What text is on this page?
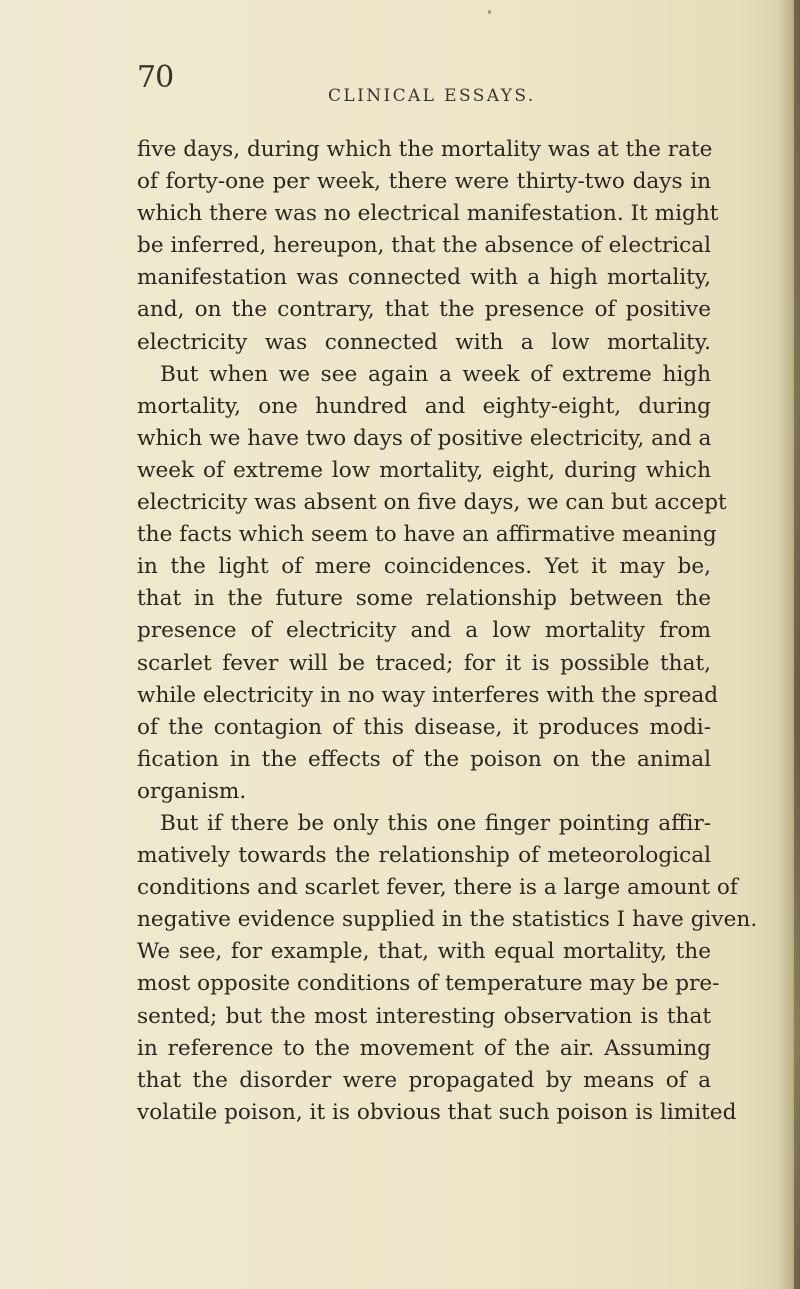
70
CLINICAL ESSAYS.
five days, during which the mortality was at the rate
of forty-one per week, there were thirty-two days in
which there was no electrical manifestation. It might
be inferred, hereupon, that the absence of electrical
manifestation was connected with a high mortality,
and, on the contrary, that the presence of positive
electricity was connected with a low mortality.
But when we see again a week of extreme high
mortality, one hundred and eighty-eight, during
which we have two days of positive electricity, and a
week of extreme low mortality, eight, during which
electricity was absent on five days, we can but accept
the facts which seem to have an affirmative meaning
in the light of mere coincidences. Yet it may be,
that in the future some relationship between the
presence of electricity and a low mortality from
scarlet fever will be traced; for it is possible that,
while electricity in no way interferes with the spread
of the contagion of this disease, it produces modi-
fication in the effects of the poison on the animal
organism.
But if there be only this one finger pointing affir-
matively towards the relationship of meteorological
conditions and scarlet fever, there is a large amount of
negative evidence supplied in the statistics I have given.
We see, for example, that, with equal mortality, the
most opposite conditions of temperature may be pre-
sented; but the most interesting observation is that
in reference to the movement of the air. Assuming
that the disorder were propagated by means of a
volatile poison, it is obvious that such poison is limited
